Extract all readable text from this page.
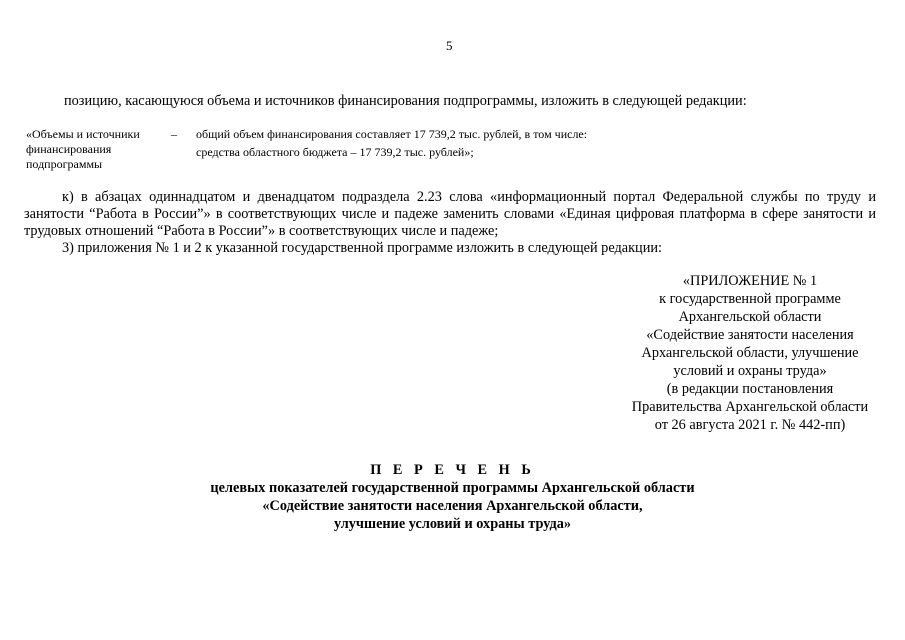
5
позицию, касающуюся объема и источников финансирования подпрограммы, изложить в следующей редакции:
«Объемы и источники
финансирования
подпрограммы
– общий объем финансирования составляет 17 739,2 тыс. рублей, в том числе:
средства областного бюджета – 17 739,2 тыс. рублей»;
к) в абзацах одиннадцатом и двенадцатом подраздела 2.23 слова «информационный портал Федеральной службы по труду и занятости “Работа в России”» в соответствующих числе и падеже заменить словами «Единая цифровая платформа в сфере занятости и трудовых отношений “Работа в России”» в соответствующих числе и падеже;
3) приложения № 1 и 2 к указанной государственной программе изложить в следующей редакции:
«ПРИЛОЖЕНИЕ № 1
к государственной программе
Архангельской области
«Содействие занятости населения
Архангельской области, улучшение
условий и охраны труда»
(в редакции постановления
Правительства Архангельской области
от 26 августа 2021 г. № 442-пп)
П Е Р Е Ч Е Н Ь
целевых показателей государственной программы Архангельской области
«Содействие занятости населения Архангельской области,
улучшение условий и охраны труда»
